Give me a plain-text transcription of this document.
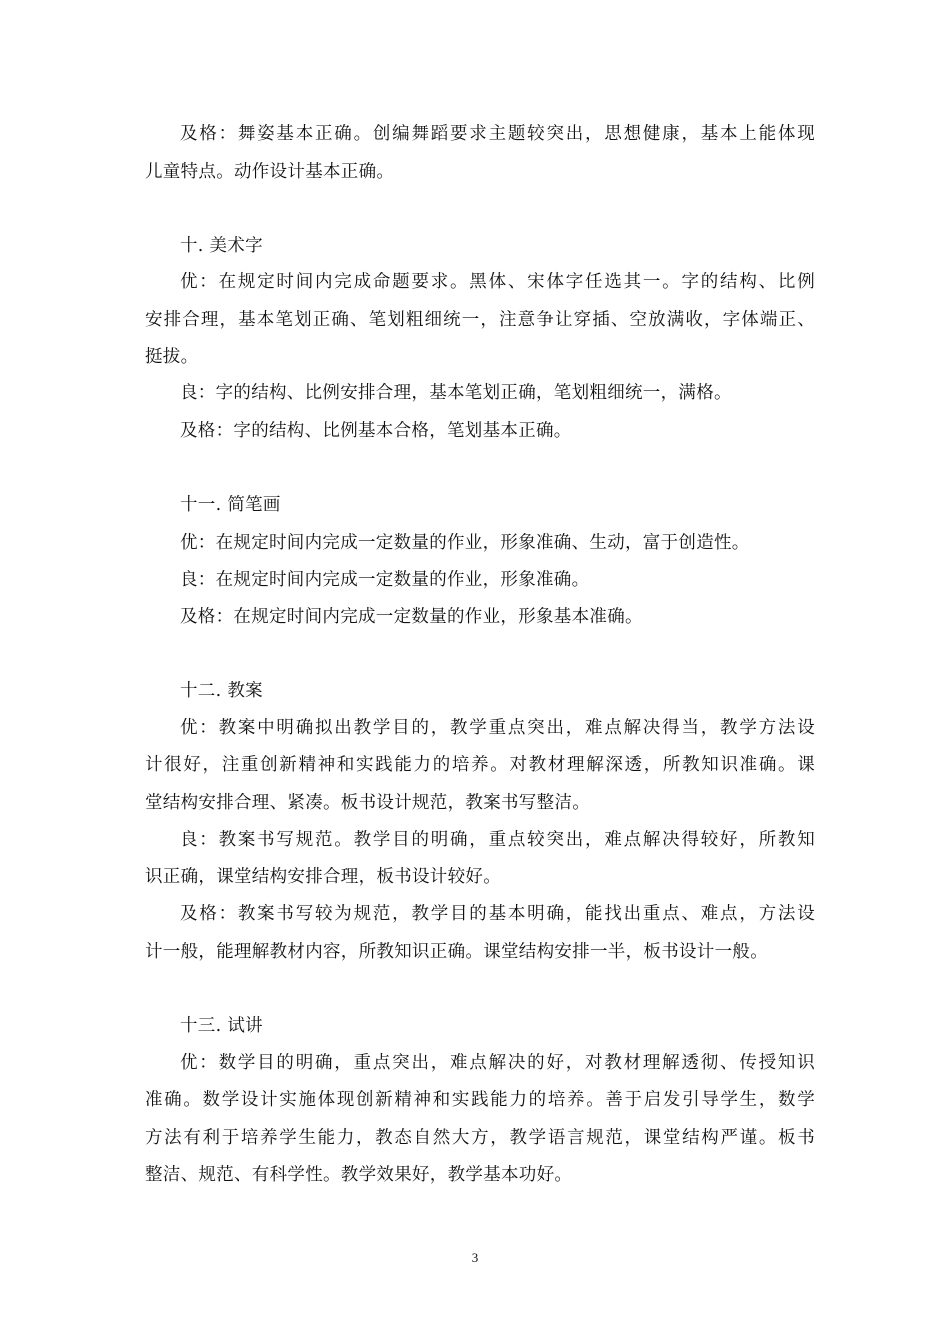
及格：舞姿基本正确。创编舞蹈要求主题较突出，思想健康，基本上能体现
儿童特点。动作设计基本正确。
十. 美术字
优：在规定时间内完成命题要求。黑体、宋体字任选其一。字的结构、比例
安排合理，基本笔划正确、笔划粗细统一，注意争让穿插、空放满收，字体端正、
挺拔。
良：字的结构、比例安排合理，基本笔划正确，笔划粗细统一，满格。
及格：字的结构、比例基本合格，笔划基本正确。
十一. 简笔画
优：在规定时间内完成一定数量的作业，形象准确、生动，富于创造性。
良：在规定时间内完成一定数量的作业，形象准确。
及格：在规定时间内完成一定数量的作业，形象基本准确。
十二. 教案
优：教案中明确拟出教学目的，教学重点突出，难点解决得当，教学方法设
计很好，注重创新精神和实践能力的培养。对教材理解深透，所教知识准确。课
堂结构安排合理、紧凑。板书设计规范，教案书写整洁。
良：教案书写规范。教学目的明确，重点较突出，难点解决得较好，所教知
识正确，课堂结构安排合理，板书设计较好。
及格：教案书写较为规范，教学目的基本明确，能找出重点、难点，方法设
计一般，能理解教材内容，所教知识正确。课堂结构安排一半，板书设计一般。
十三. 试讲
优：数学目的明确，重点突出，难点解决的好，对教材理解透彻、传授知识
准确。数学设计实施体现创新精神和实践能力的培养。善于启发引导学生，数学
方法有利于培养学生能力，教态自然大方，教学语言规范，课堂结构严谨。板书
整洁、规范、有科学性。教学效果好，教学基本功好。
3
